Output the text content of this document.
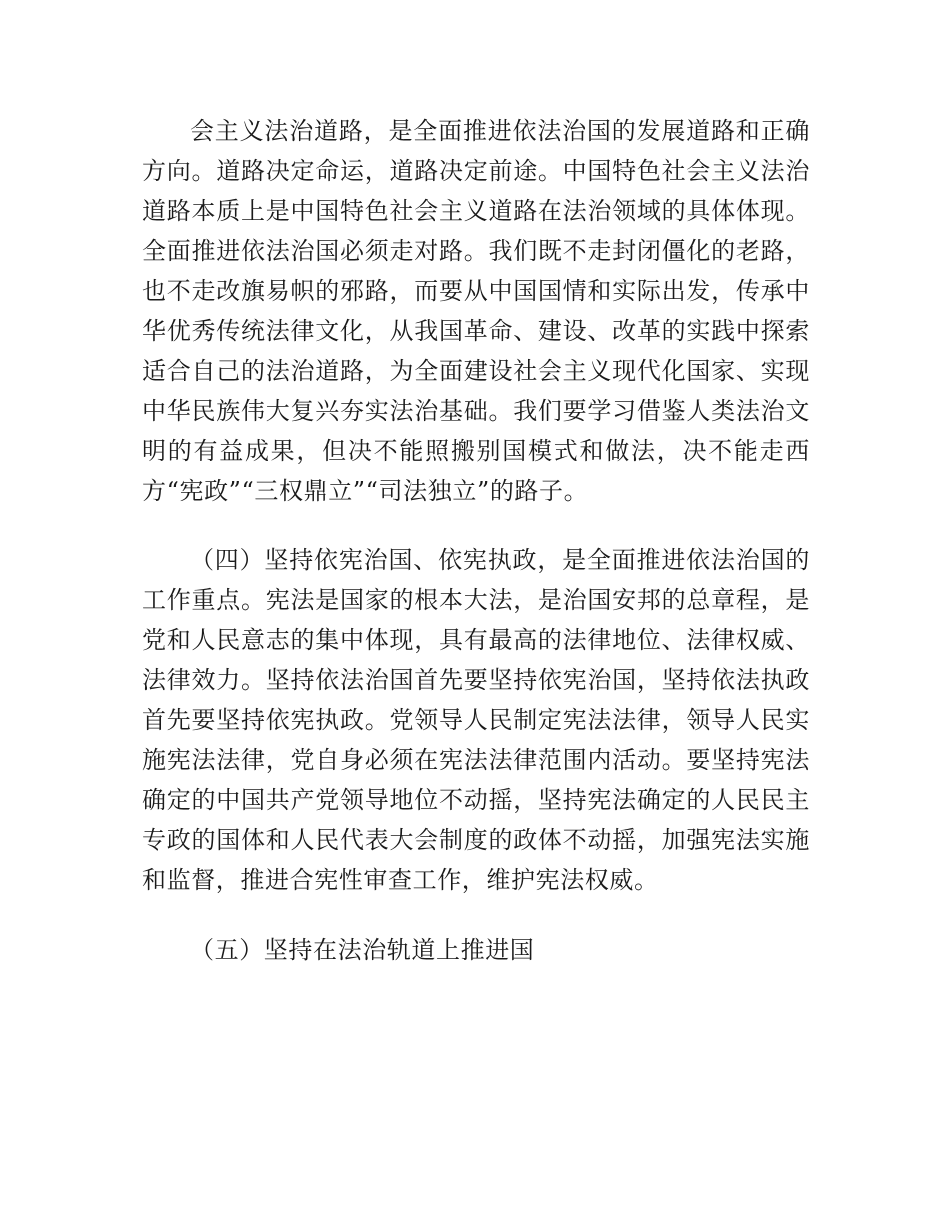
会主义法治道路，是全面推进依法治国的发展道路和正确方向。道路决定命运，道路决定前途。中国特色社会主义法治道路本质上是中国特色社会主义道路在法治领域的具体体现。全面推进依法治国必须走对路。我们既不走封闭僵化的老路，也不走改旗易帜的邪路，而要从中国国情和实际出发，传承中华优秀传统法律文化，从我国革命、建设、改革的实践中探索适合自己的法治道路，为全面建设社会主义现代化国家、实现中华民族伟大复兴夯实法治基础。我们要学习借鉴人类法治文明的有益成果，但决不能照搬别国模式和做法，决不能走西方“宪政”“三权鼎立”“司法独立”的路子。

（四）坚持依宪治国、依宪执政，是全面推进依法治国的工作重点。宪法是国家的根本大法，是治国安邦的总章程，是党和人民意志的集中体现，具有最高的法律地位、法律权威、法律效力。坚持依法治国首先要坚持依宪治国，坚持依法执政首先要坚持依宪执政。党领导人民制定宪法法律，领导人民实施宪法法律，党自身必须在宪法法律范围内活动。要坚持宪法确定的中国共产党领导地位不动摇，坚持宪法确定的人民民主专政的国体和人民代表大会制度的政体不动摇，加强宪法实施和监督，推进合宪性审查工作，维护宪法权威。

（五）坚持在法治轨道上推进国
